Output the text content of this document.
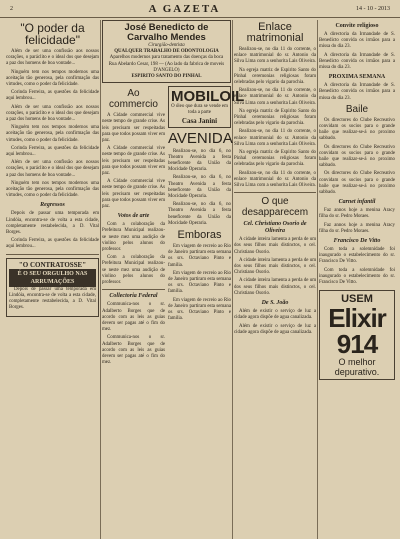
2	A GAZETA	14 - 10 - 2013
"O poder da felicidade"

Além de ser uma confissão aos nossos corações, o paráclito e o ideal dos que desejam a paz dos homens de boa vontade...

Ninguém tem nos tempos modernos uma aceitação tão generosa, pela confirmação das virtudes, como o poder da felicidade.

Corinda Ferreira, as questões da felicidade aqui lembrou...

Além de ser uma confissão aos nossos corações, o paráclito e o ideal dos que desejam a paz dos homens de boa vontade...

Ninguém tem nos tempos modernos uma aceitação tão generosa, pela confirmação das virtudes, como o poder da felicidade.

Corinda Ferreira, as questões da felicidade aqui lembrou...

Além de ser uma confissão aos nossos corações, o paráclito e o ideal dos que desejam a paz dos homens de boa vontade...

Ninguém tem nos tempos modernos uma aceitação tão generosa, pela confirmação das virtudes, como o poder da felicidade.

Regressos

Depois de passar uma temporada em Lindóia, encontra-se de volta a esta cidade, completamente restabelecida, a D. Vital Borges.

Corinda Ferreira, as questões da felicidade aqui lembrou...

"O CONTRATOSSE"
É O SEU ORGULHO NAS ARRUMAÇÕES

Depois de passar uma temporada em Lindóia, encontra-se de volta a esta cidade, completamente restabelecida, a D. Vital Borges.

José Benedicto de Carvalho Mendes
Cirurgião-dentista
QUALQUER TRABALHO DE ODONTOLOGIA
Aparelhos modernos para tratamento das doenças da boca
Rua Abelardo Cesar, 198 — (Ao lado da fabrica de moveis D'ANGELO)
ESPIRITO SANTO DO PINHAL
Ao commercio

A Cidade commercial vive neste tempo de grande crise. As leis precisam ser respeitadas para que todos possam viver em paz.

A Cidade commercial vive neste tempo de grande crise. As leis precisam ser respeitadas para que todos possam viver em paz.

A Cidade commercial vive neste tempo de grande crise. As leis precisam ser respeitadas para que todos possam viver em paz.

Votos de arte

Com a colaboração da Prefeitura Municipal realizou-se neste mez uma audição de violino pelos alunos do professor.

Com a colaboração da Prefeitura Municipal realizou-se neste mez uma audição de violino pelos alunos do professor.

Collectoria Federal

Communica-nos o sr. Adalberto Borges que de acordo com as leis as guias devem ser pagas até o fim do mez.

Communica-nos o sr. Adalberto Borges que de acordo com as leis as guias devem ser pagas até o fim do mez.

MOBILOIL
O óleo que dura se vende em toda a parte
Casa Janini
AVENIDA

Realizou-se, no dia 6, no Theatro Avenida a festa beneficente da União da Mocidade Operaria.

Realizou-se, no dia 6, no Theatro Avenida a festa beneficente da União da Mocidade Operaria.

Realizou-se, no dia 6, no Theatro Avenida a festa beneficente da União da Mocidade Operaria.

Emboras

Em viagem de recreio ao Rio de Janeiro partiram esta semana os srs. Octaviano Pinto e familia.

Em viagem de recreio ao Rio de Janeiro partiram esta semana os srs. Octaviano Pinto e familia.

Em viagem de recreio ao Rio de Janeiro partiram esta semana os srs. Octaviano Pinto e familia.

Enlace matrimonial

Realizou-se, no dia 11 do corrente, o enlace matrimonial do sr. Antonio da Silva Lima com a senhorita Lais Oliveira.

Na egreja matriz de Espirito Santo do Pinhal ceremonias religiosas foram celebradas pelo vigario da parochia.

Realizou-se, no dia 11 do corrente, o enlace matrimonial do sr. Antonio da Silva Lima com a senhorita Lais Oliveira.

Na egreja matriz de Espirito Santo do Pinhal ceremonias religiosas foram celebradas pelo vigario da parochia.

Realizou-se, no dia 11 do corrente, o enlace matrimonial do sr. Antonio da Silva Lima com a senhorita Lais Oliveira.

Na egreja matriz de Espirito Santo do Pinhal ceremonias religiosas foram celebradas pelo vigario da parochia.

Realizou-se, no dia 11 do corrente, o enlace matrimonial do sr. Antonio da Silva Lima com a senhorita Lais Oliveira.

O que desapparecem
Cel. Christiano Osorio de Oliveira

A cidade inteira lamenta a perda de um dos seus filhos mais distinctos, o cel. Christiano Osorio.

A cidade inteira lamenta a perda de um dos seus filhos mais distinctos, o cel. Christiano Osorio.

A cidade inteira lamenta a perda de um dos seus filhos mais distinctos, o cel. Christiano Osorio.

De S. João

Além de existir o serviço de luz a cidade agora dispõe de agua canalizada.

Além de existir o serviço de luz a cidade agora dispõe de agua canalizada.

Convite religioso

A directoria da Irmandade de S. Benedicto convida os irmãos para a missa do dia 23.

A directoria da Irmandade de S. Benedicto convida os irmãos para a missa do dia 23.

PROXIMA SEMANA

A directoria da Irmandade de S. Benedicto convida os irmãos para a missa do dia 23.

Baile

Os directores do Clube Recreativo convidam os socios para o grande baile que realizar-se-á no proximo sabbado.

Os directores do Clube Recreativo convidam os socios para o grande baile que realizar-se-á no proximo sabbado.

Os directores do Clube Recreativo convidam os socios para o grande baile que realizar-se-á no proximo sabbado.

Carnet infantil

Faz annos hoje a menina Aracy filha do sr. Pedro Moraes.

Faz annos hoje a menina Aracy filha do sr. Pedro Moraes.

Francisco De Vitto

Com toda a solemnidade foi inaugurado o estabelecimento do sr. Francisco De Vitto.

Com toda a solemnidade foi inaugurado o estabelecimento do sr. Francisco De Vitto.

USEM
Elixir 914
O melhor depurativo.
